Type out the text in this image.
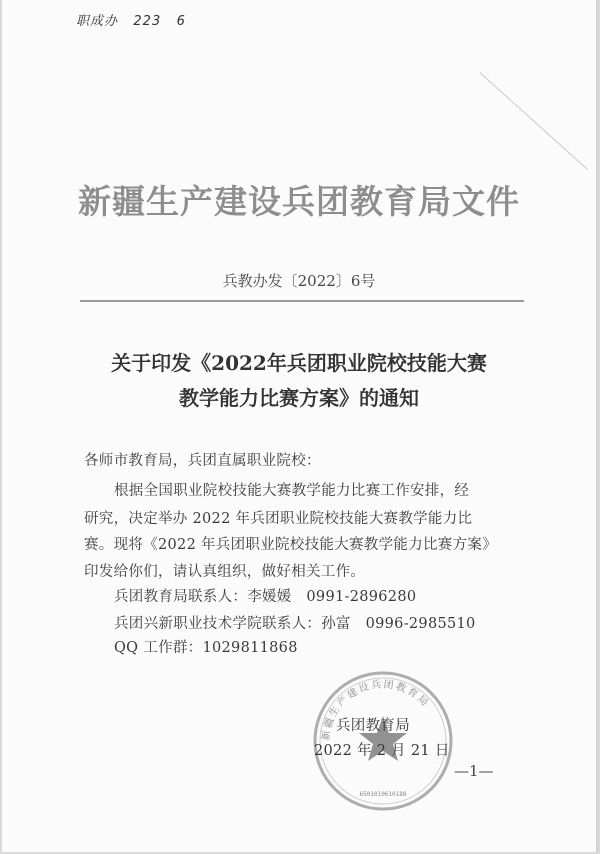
职成办   223   6
新疆生产建设兵团教育局文件
兵教办发〔2022〕6号
关于印发《2022年兵团职业院校技能大赛
教学能力比赛方案》的通知
各师市教育局，兵团直属职业院校：
根据全国职业院校技能大赛教学能力比赛工作安排，经
研究，决定举办 2022 年兵团职业院校技能大赛教学能力比
赛。现将《2022 年兵团职业院校技能大赛教学能力比赛方案》
印发给你们，请认真组织，做好相关工作。
兵团教育局联系人：李媛媛　0991-2896280
兵团兴新职业技术学院联系人：孙富　0996-2985510
QQ 工作群：1029811868
新疆生产建设兵团教育局
6501010610188
兵团教育局
2022 年 2 月 21 日
—1—
